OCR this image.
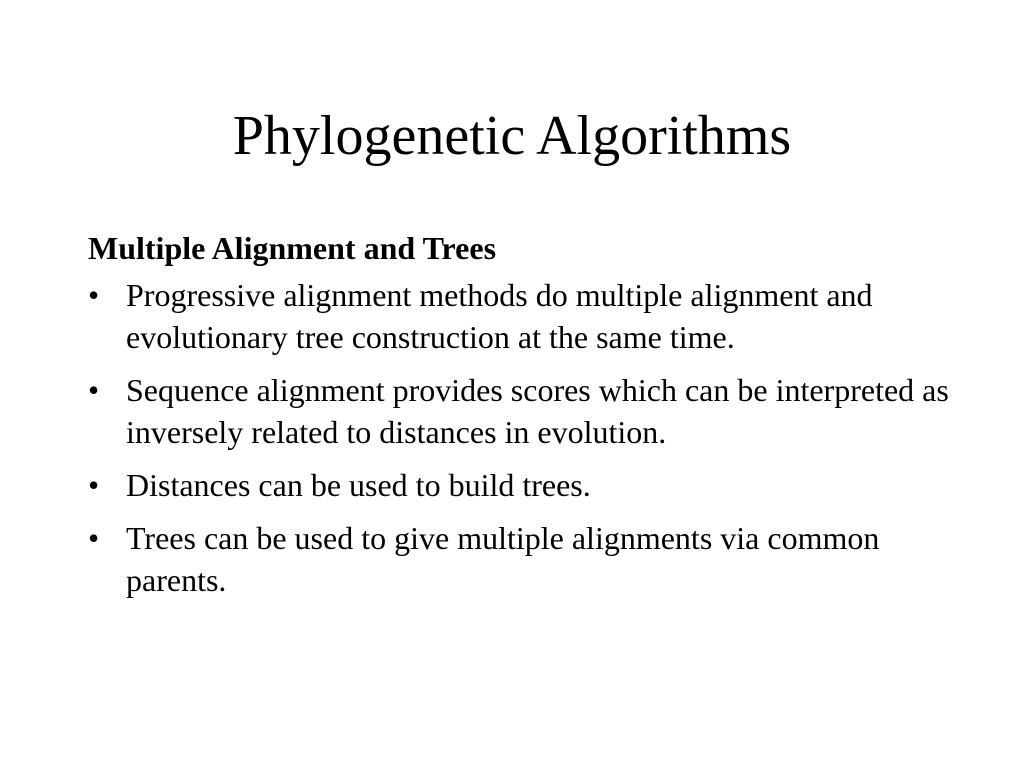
Phylogenetic Algorithms
Multiple Alignment and Trees
• Progressive alignment methods do multiple alignment and evolutionary tree construction at the same time.
• Sequence alignment provides scores which can be interpreted as inversely related to distances in evolution.
• Distances can be used to build trees.
• Trees can be used to give multiple alignments via common parents.
